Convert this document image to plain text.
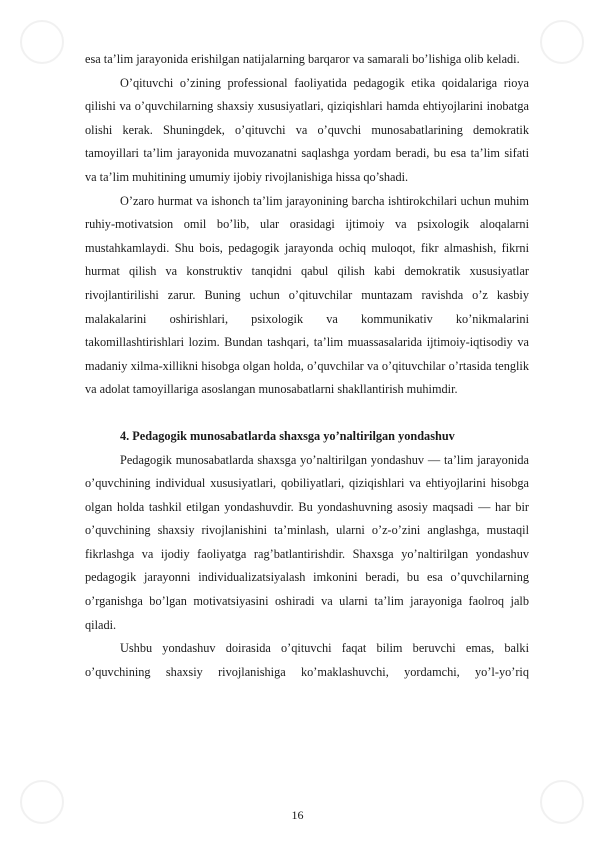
esa ta’lim jarayonida erishilgan natijalarning barqaror va samarali bo’lishiga olib keladi.

O’qituvchi o’zining professional faoliyatida pedagogik etika qoidalariga rioya qilishi va o’quvchilarning shaxsiy xususiyatlari, qiziqishlari hamda ehtiyojlarini inobatga olishi kerak. Shuningdek, o’qituvchi va o’quvchi munosabatlarining demokratik tamoyillari ta’lim jarayonida muvozanatni saqlashga yordam beradi, bu esa ta’lim sifati va ta’lim muhitining umumiy ijobiy rivojlanishiga hissa qo’shadi.

O’zaro hurmat va ishonch ta’lim jarayonining barcha ishtirokchilari uchun muhim ruhiy-motivatsion omil bo’lib, ular orasidagi ijtimoiy va psixologik aloqalarni mustahkamlaydi. Shu bois, pedagogik jarayonda ochiq muloqot, fikr almashish, fikrni hurmat qilish va konstruktiv tanqidni qabul qilish kabi demokratik xususiyatlar rivojlantirilishi zarur. Buning uchun o’qituvchilar muntazam ravishda o’z kasbiy malakalarini oshirishlari, psixologik va kommunikativ ko’nikmalarini takomillashtirishlari lozim. Bundan tashqari, ta’lim muassasalarida ijtimoiy-iqtisodiy va madaniy xilma-xillikni hisobga olgan holda, o’quvchilar va o’qituvchilar o’rtasida tenglik va adolat tamoyillariga asoslangan munosabatlarni shakllantirish muhimdir.

4. Pedagogik munosabatlarda shaxsga yo’naltirilgan yondashuv

Pedagogik munosabatlarda shaxsga yo’naltirilgan yondashuv — ta’lim jarayonida o’quvchining individual xususiyatlari, qobiliyatlari, qiziqishlari va ehtiyojlarini hisobga olgan holda tashkil etilgan yondashuvdir. Bu yondashuvning asosiy maqsadi — har bir o’quvchining shaxsiy rivojlanishini ta’minlash, ularni o’z-o’zini anglashga, mustaqil fikrlashga va ijodiy faoliyatga rag’batlantirishdir. Shaxsga yo’naltirilgan yondashuv pedagogik jarayonni individualizatsiyalash imkonini beradi, bu esa o’quvchilarning o’rganishga bo’lgan motivatsiyasini oshiradi va ularni ta’lim jarayoniga faolroq jalb qiladi.

Ushbu yondashuv doirasida o’qituvchi faqat bilim beruvchi emas, balki o’quvchining shaxsiy rivojlanishiga ko’maklashuvchi, yordamchi, yo’l-yo’riq

16
